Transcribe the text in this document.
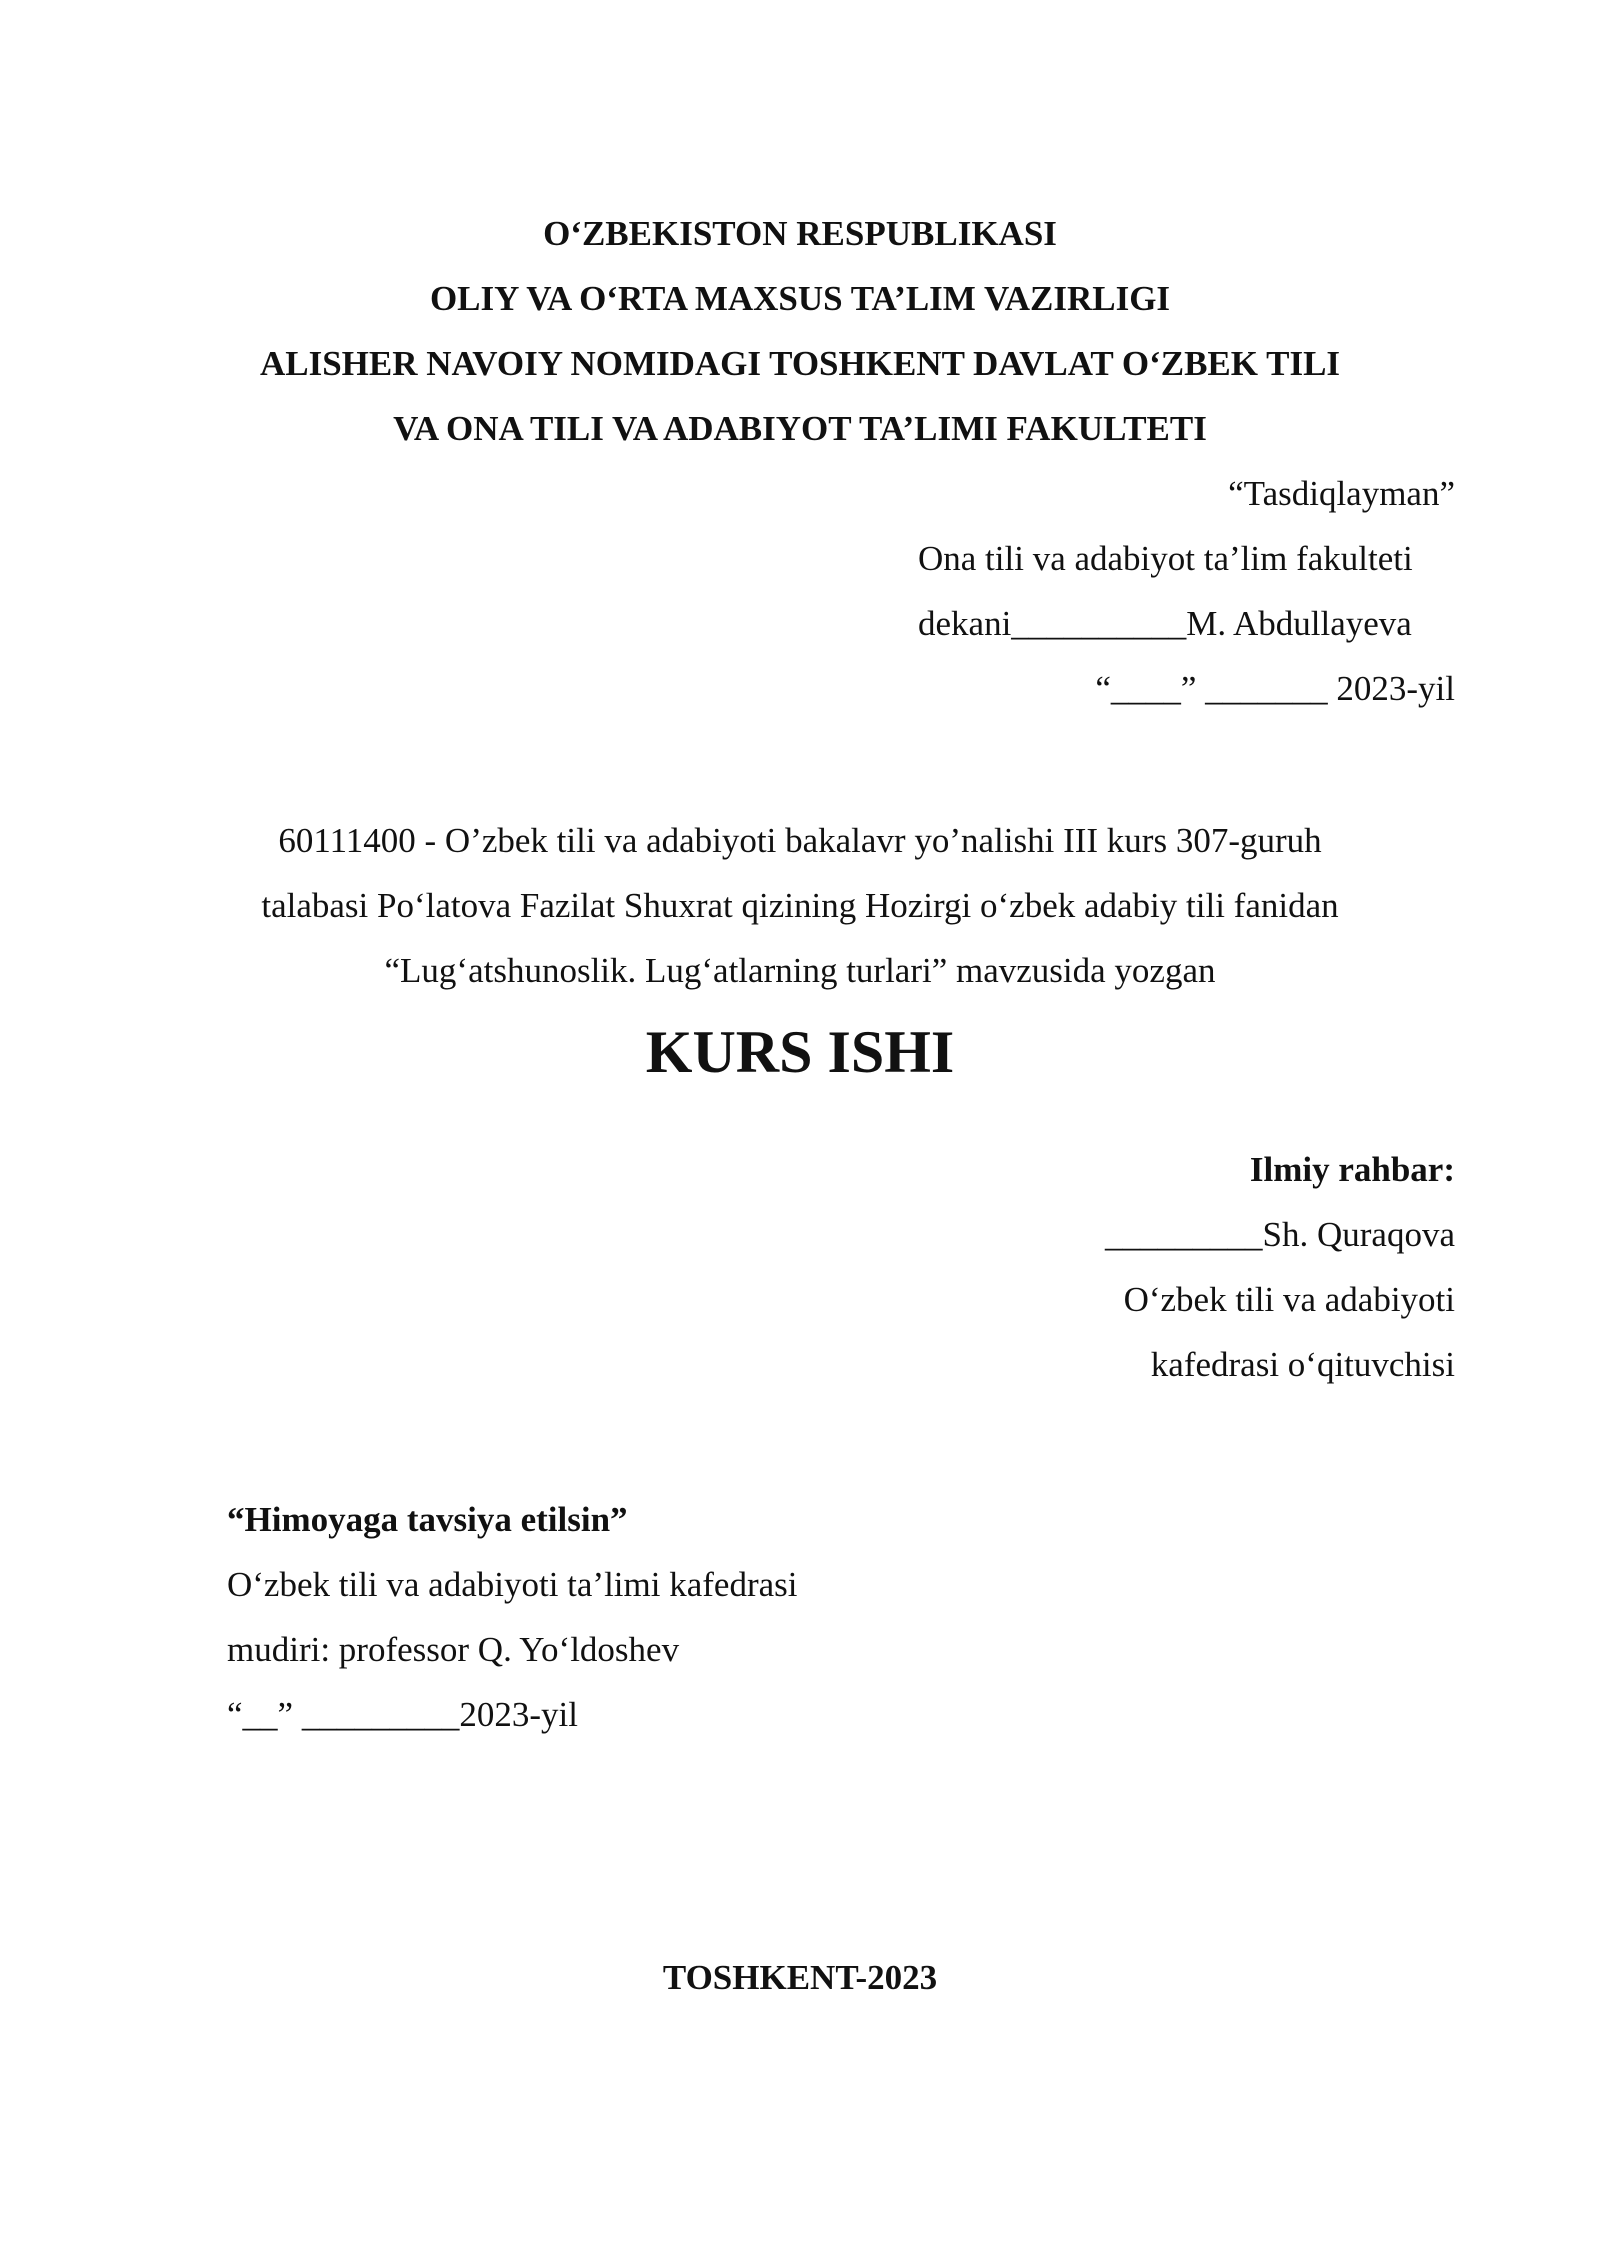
O‘ZBEKISTON RESPUBLIKASI
OLIY VA O‘RTA MAXSUS TA’LIM VAZIRLIGI
ALISHER NAVOIY NOMIDAGI TOSHKENT DAVLAT O‘ZBEK TILI
VA ONA TILI VA ADABIYOT TA’LIMI FAKULTETI
“Tasdiqlayman”
Ona tili va adabiyot ta’lim fakulteti
dekani__________M. Abdullayeva
“____” _______ 2023-yil
60111400 - O’zbek tili va adabiyoti bakalavr yo’nalishi III kurs 307-guruh
talabasi Po‘latova Fazilat Shuxrat qizining Hozirgi o‘zbek adabiy tili fanidan
“Lug‘atshunoslik. Lug‘atlarning turlari” mavzusida yozgan
KURS ISHI
Ilmiy rahbar:
_________Sh. Quraqova
O‘zbek tili va adabiyoti
kafedrasi o‘qituvchisi
“Himoyaga tavsiya etilsin”
O‘zbek tili va adabiyoti ta’limi kafedrasi
mudiri: professor Q. Yo‘ldoshev
“__” _________2023-yil
TOSHKENT-2023
